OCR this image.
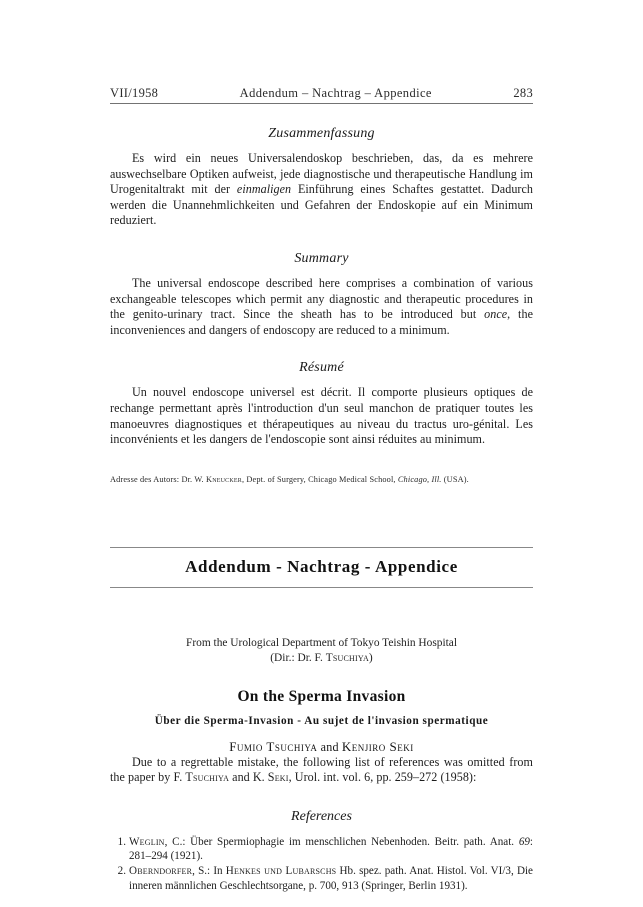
VII/1958	Addendum – Nachtrag – Appendice	283
Zusammenfassung

Es wird ein neues Universalendoskop beschrieben, das, da es mehrere auswechselbare Optiken aufweist, jede diagnostische und therapeutische Handlung im Urogenitaltrakt mit der einmaligen Einführung eines Schaftes gestattet. Dadurch werden die Unannehmlichkeiten und Gefahren der Endoskopie auf ein Minimum reduziert.

Summary

The universal endoscope described here comprises a combination of various exchangeable telescopes which permit any diagnostic and therapeutic procedures in the genito-urinary tract. Since the sheath has to be introduced but once, the inconveniences and dangers of endoscopy are reduced to a minimum.

Résumé

Un nouvel endoscope universel est décrit. Il comporte plusieurs optiques de rechange permettant après l'introduction d'un seul manchon de pratiquer toutes les manoeuvres diagnostiques et thérapeutiques au niveau du tractus uro-génital. Les inconvénients et les dangers de l'endoscopie sont ainsi réduites au minimum.

Adresse des Autors: Dr. W. Kneucker, Dept. of Surgery, Chicago Medical School, Chicago, Ill. (USA).
Addendum - Nachtrag - Appendice
From the Urological Department of Tokyo Teishin Hospital
(Dir.: Dr. F. Tsuchiya)
On the Sperma Invasion
Über die Sperma-Invasion - Au sujet de l'invasion spermatique
Fumio Tsuchiya and Kenjiro Seki

Due to a regrettable mistake, the following list of references was omitted from the paper by F. Tsuchiya and K. Seki, Urol. int. vol. 6, pp. 259–272 (1958):

References
1. Weglin, C.: Über Spermiophagie im menschlichen Nebenhoden. Beitr. path. Anat. 69: 281–294 (1921).
2. Oberndorfer, S.: In Henkes und Lubarschs Hb. spez. path. Anat. Histol. Vol. VI/3, Die inneren männlichen Geschlechtsorgane, p. 700, 913 (Springer, Berlin 1931).
